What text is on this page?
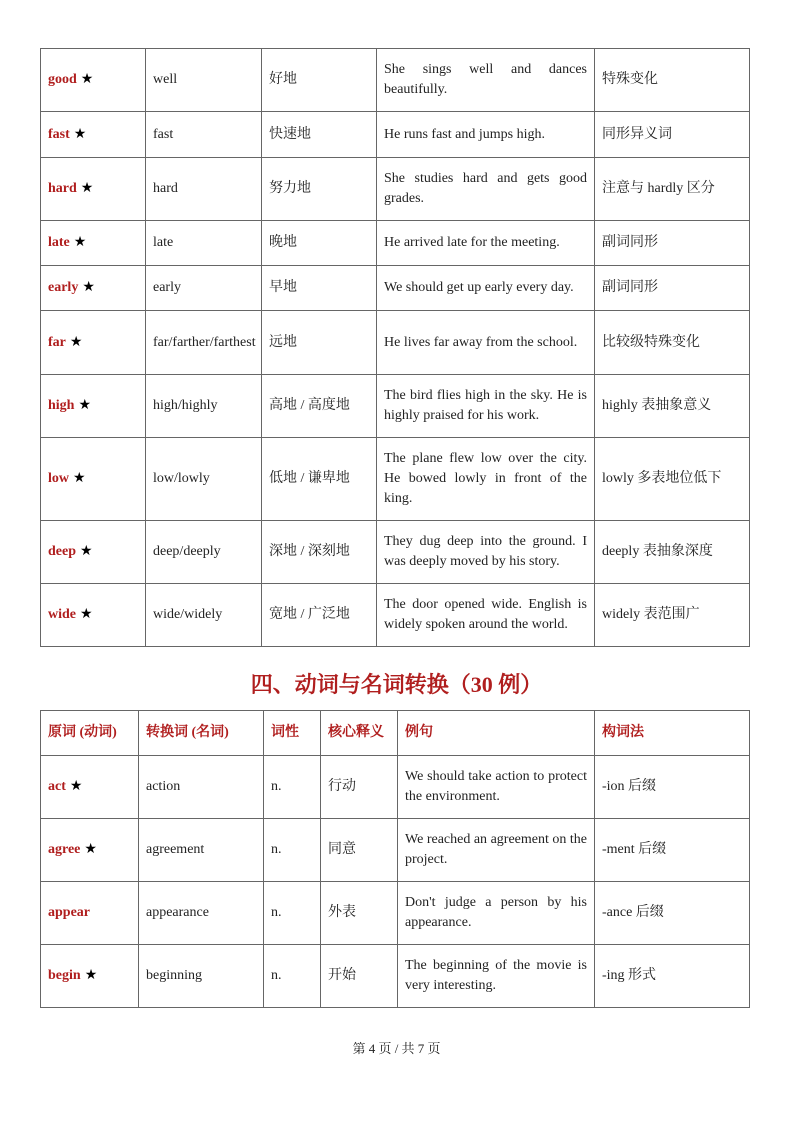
good ★	well	好地	She sings well and dances beautifully.	特殊变化
fast ★	fast	快速地	He runs fast and jumps high.	同形异义词
hard ★	hard	努力地	She studies hard and gets good grades.	注意与 hardly 区分
late ★	late	晚地	He arrived late for the meeting.	副词同形
early ★	early	早地	We should get up early every day.	副词同形
far ★	far/farther/farthest	远地	He lives far away from the school.	比较级特殊变化
high ★	high/highly	高地 / 高度地	The bird flies high in the sky. He is highly praised for his work.	highly 表抽象意义
low ★	low/lowly	低地 / 谦卑地	The plane flew low over the city. He bowed lowly in front of the king.	lowly 多表地位低下
deep ★	deep/deeply	深地 / 深刻地	They dug deep into the ground. I was deeply moved by his story.	deeply 表抽象深度
wide ★	wide/widely	宽地 / 广泛地	The door opened wide. English is widely spoken around the world.	widely 表范围广
四、动词与名词转换（30 例）
原词 (动词)	转换词 (名词)	词性	核心释义	例句	构词法
act ★	action	n.	行动	We should take action to protect the environment.	-ion 后缀
agree ★	agreement	n.	同意	We reached an agreement on the project.	-ment 后缀
appear	appearance	n.	外表	Don't judge a person by his appearance.	-ance 后缀
begin ★	beginning	n.	开始	The beginning of the movie is very interesting.	-ing 形式
第 4 页 / 共 7 页
